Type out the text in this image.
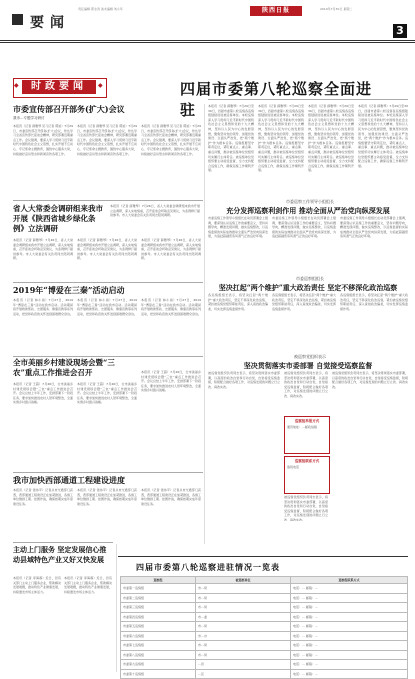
要闻
责任编辑 郭永涛 美术编辑 刘小年	陕西日报	2019年7月30日 星期二
3
时政要闻
◆	◆
市委宣传部召开部务(扩大)会议
我市…专题学习研讨
本报讯（记者 薛雅琴 见习记者 郭旭）7月29日，市委宣传部召开部务(扩大)会议，传达学习全省宣传部长座谈会精神，研究部署近期重点工作。会议强调，要深入学习贯彻习近平新时代中国特色社会主义思想，扎实开展不忘初心、牢记使命主题教育，围绕中心服务大局，持续做好意识形态和新闻宣传各项工作。
本报讯（记者 薛雅琴 见习记者 郭旭）7月29日，市委宣传部召开部务(扩大)会议，传达学习全省宣传部长座谈会精神，研究部署近期重点工作。会议强调，要深入学习贯彻习近平新时代中国特色社会主义思想，扎实开展不忘初心、牢记使命主题教育，围绕中心服务大局，持续做好意识形态和新闻宣传各项工作。
本报讯（记者 薛雅琴 见习记者 郭旭）7月29日，市委宣传部召开部务(扩大)会议，传达学习全省宣传部长座谈会精神，研究部署近期重点工作。会议强调，要深入学习贯彻习近平新时代中国特色社会主义思想，扎实开展不忘初心、牢记使命主题教育，围绕中心服务大局，持续做好意识形态和新闻宣传各项工作。
省人大常委会调研组来我市开展《陕西省城乡绿化条例》立法调研
本报讯（记者 薛雅琴）7月26日，省人大常委会调研组来我市开展立法调研，深入实地察看，召开座谈会听取意见建议，为条例修订提供参考。市人大常委会有关负责同志陪同调研。
本报讯（记者 薛雅琴）7月26日，省人大常委会调研组来我市开展立法调研，深入实地察看，召开座谈会听取意见建议，为条例修订提供参考。市人大常委会有关负责同志陪同调研。
本报讯（记者 薛雅琴）7月26日，省人大常委会调研组来我市开展立法调研，深入实地察看，召开座谈会听取意见建议，为条例修订提供参考。市人大常委会有关负责同志陪同调研。
本报讯（记者 薛雅琴）7月26日，省人大常委会调研组来我市开展立法调研，深入实地察看，召开座谈会听取意见建议，为条例修订提供参考。市人大常委会有关负责同志陪同调研。
2019年“博爱在三秦”活动启动
本报讯（记者 林小雨）7月27日，2019年“博爱在三秦”活动在我市启动。活动期间将开展救助帮扶、志愿服务、健康宣教等系列活动，把党和政府的关怀送到困难群众身边。
本报讯（记者 林小雨）7月27日，2019年“博爱在三秦”活动在我市启动。活动期间将开展救助帮扶、志愿服务、健康宣教等系列活动，把党和政府的关怀送到困难群众身边。
本报讯（记者 林小雨）7月27日，2019年“博爱在三秦”活动在我市启动。活动期间将开展救助帮扶、志愿服务、健康宣教等系列活动，把党和政府的关怀送到困难群众身边。
全市美丽乡村建设现场会暨“三农”重点工作推进会召开
本报讯（记者 王超）7月26日，全市美丽乡村建设现场会暨“三农”重点工作推进会召开。会议总结上半年工作，安排部署下一阶段任务，要求加快推进农村人居环境整治，全面实施乡村振兴战略。
本报讯（记者 王超）7月26日，全市美丽乡村建设现场会暨“三农”重点工作推进会召开。会议总结上半年工作，安排部署下一阶段任务，要求加快推进农村人居环境整治，全面实施乡村振兴战略。
本报讯（记者 王超）7月26日，全市美丽乡村建设现场会暨“三农”重点工作推进会召开。会议总结上半年工作，安排部署下一阶段任务，要求加快推进农村人居环境整治，全面实施乡村振兴战略。
我市加快西部通道工程建设进度
本报讯（记者 雷伟平）记者从市交通部门获悉，西部通道工程建设正在加紧推进，各施工单位倒排工期、挂图作战，确保按期完成年度建设任务。
本报讯（记者 雷伟平）记者从市交通部门获悉，西部通道工程建设正在加紧推进，各施工单位倒排工期、挂图作战，确保按期完成年度建设任务。
本报讯（记者 雷伟平）记者从市交通部门获悉，西部通道工程建设正在加紧推进，各施工单位倒排工期、挂图作战，确保按期完成年度建设任务。
主动上门服务 坚定发展信心推动县域特色产业又好又快发展
本报讯（记者 李海蓉）近日，县有关部门主动上门服务企业，帮助解决发展难题，推动特色产业健康发展，持续激发市场主体活力。
本报讯（记者 李海蓉）近日，县有关部门主动上门服务企业，帮助解决发展难题，推动特色产业健康发展，持续激发市场主体活力。
四届市委第八轮巡察全面进驻	本报讯（记者 薛雅琴）7月29日至30日，四届市委第八轮巡察各巡察组陆续进驻被巡察单位。本轮巡察深入学习贯彻习近平新时代中国特色社会主义思想和党的十九大精神，坚持以人民为中心的发展思想，聚焦坚持党的领导、加强党的建设、全面从严治党，把“两个维护”作为根本任务。巡察组要坚守职责定位，紧盯重点人、重点事、重点问题，推动被巡察单位党组织切实履行主体责任。被巡察单位党组织要主动接受监督，全力支持配合巡察工作，确保巡察工作顺利开展。
本报讯（记者 薛雅琴）7月29日至30日，四届市委第八轮巡察各巡察组陆续进驻被巡察单位。本轮巡察深入学习贯彻习近平新时代中国特色社会主义思想和党的十九大精神，坚持以人民为中心的发展思想，聚焦坚持党的领导、加强党的建设、全面从严治党，把“两个维护”作为根本任务。巡察组要坚守职责定位，紧盯重点人、重点事、重点问题，推动被巡察单位党组织切实履行主体责任。被巡察单位党组织要主动接受监督，全力支持配合巡察工作，确保巡察工作顺利开展。
本报讯（记者 薛雅琴）7月29日至30日，四届市委第八轮巡察各巡察组陆续进驻被巡察单位。本轮巡察深入学习贯彻习近平新时代中国特色社会主义思想和党的十九大精神，坚持以人民为中心的发展思想，聚焦坚持党的领导、加强党的建设、全面从严治党，把“两个维护”作为根本任务。巡察组要坚守职责定位，紧盯重点人、重点事、重点问题，推动被巡察单位党组织切实履行主体责任。被巡察单位党组织要主动接受监督，全力支持配合巡察工作，确保巡察工作顺利开展。
本报讯（记者 薛雅琴）7月29日至30日，四届市委第八轮巡察各巡察组陆续进驻被巡察单位。本轮巡察深入学习贯彻习近平新时代中国特色社会主义思想和党的十九大精神，坚持以人民为中心的发展思想，聚焦坚持党的领导、加强党的建设、全面从严治党，把“两个维护”作为根本任务。巡察组要坚守职责定位，紧盯重点人、重点事、重点问题，推动被巡察单位党组织切实履行主体责任。被巡察单位党组织要主动接受监督，全力支持配合巡察工作，确保巡察工作顺利开展。
市委巡察工作领导小组组长
充分发挥巡察利剑作用 推动全面从严治党向纵深发展
市委巡察工作领导小组组长在动员部署会上强调，要深刻认识巡察工作的重要意义，坚持问题导向，精准发现问题，做实巡察整改，以巡察监督的实际成效推动全面从严治党向纵深发展，为追赶超越营造风清气正的良好环境。
市委巡察工作领导小组组长在动员部署会上强调，要深刻认识巡察工作的重要意义，坚持问题导向，精准发现问题，做实巡察整改，以巡察监督的实际成效推动全面从严治党向纵深发展，为追赶超越营造风清气正的良好环境。
市委巡察工作领导小组组长在动员部署会上强调，要深刻认识巡察工作的重要意义，坚持问题导向，精准发现问题，做实巡察整改，以巡察监督的实际成效推动全面从严治党向纵深发展，为追赶超越营造风清气正的良好环境。
市委巡察组组长
坚决扛起“两个维护”重大政治责任 坚定不移深化政治巡察
各巡察组组长表示，将坚决扛起“两个维护”重大政治责任，坚定不移深化政治巡察，紧扣被巡察党组织职能责任，深入查找政治偏差，切实发挥巡察监督作用。
各巡察组组长表示，将坚决扛起“两个维护”重大政治责任，坚定不移深化政治巡察，紧扣被巡察党组织职能责任，深入查找政治偏差，切实发挥巡察监督作用。
各巡察组组长表示，将坚决扛起“两个维护”重大政治责任，坚定不移深化政治巡察，紧扣被巡察党组织职能责任，深入查找政治偏差，切实发挥巡察监督作用。
被巡察党组织表示
坚决贯彻落实市委部署 自觉接受巡察监督
被巡察党组织负责同志表示，将坚决贯彻落实市委部署，以高度的政治自觉和行动自觉，自觉接受巡察监督，积极配合做好各项工作，对巡察发现的问题立行立改、真改实改。
被巡察党组织负责同志表示，将坚决贯彻落实市委部署，以高度的政治自觉和行动自觉，自觉接受巡察监督，积极配合做好各项工作，对巡察发现的问题立行立改、真改实改。
被巡察党组织负责同志表示，将坚决贯彻落实市委部署，以高度的政治自觉和行动自觉，自觉接受巡察监督，积极配合做好各项工作，对巡察发现的问题立行立改、真改实改。
巡察组举报方式
通讯地址：…邮政信箱
巡察组联系方式
值班电话
被巡察党组织负责同志表示，将坚决贯彻落实市委部署，以高度的政治自觉和行动自觉，自觉接受巡察监督，积极配合做好各项工作，对巡察发现的问题立行立改、真改实改。
四届市委第八轮巡察进驻情况一览表
巡察组	被巡察单位	巡察组联系方式
市委第一巡察组	市…局	电话：… 邮箱：…
市委第二巡察组	市…局	电话：… 邮箱：…
市委第三巡察组	市…局	电话：… 邮箱：…
市委第四巡察组	市…委	电话：… 邮箱：…
市委第五巡察组	市…局	电话：… 邮箱：…
市委第六巡察组	市…办	电话：… 邮箱：…
市委第七巡察组	市…局	电话：… 邮箱：…
市委第八巡察组	市…局	电话：… 邮箱：…
市委第九巡察组	…县	电话：… 邮箱：…
市委第十巡察组	…区	电话：… 邮箱：…
